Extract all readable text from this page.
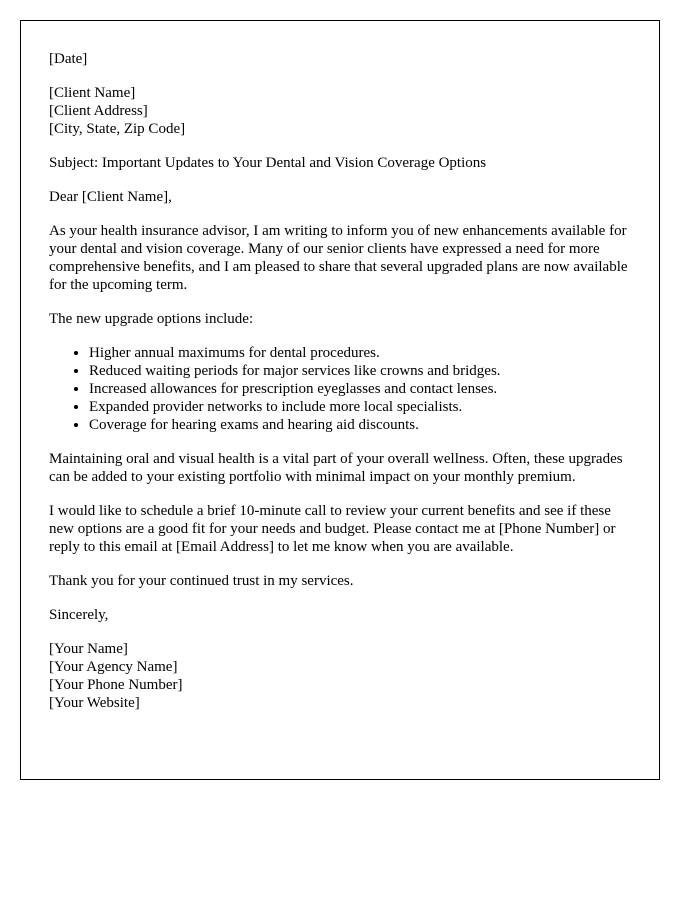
[Date]
[Client Name]
[Client Address]
[City, State, Zip Code]

Subject: Important Updates to Your Dental and Vision Coverage Options

Dear [Client Name],

As your health insurance advisor, I am writing to inform you of new enhancements available for your dental and vision coverage. Many of our senior clients have expressed a need for more comprehensive benefits, and I am pleased to share that several upgraded plans are now available for the upcoming term.

The new upgrade options include:

• Higher annual maximums for dental procedures.
• Reduced waiting periods for major services like crowns and bridges.
• Increased allowances for prescription eyeglasses and contact lenses.
• Expanded provider networks to include more local specialists.
• Coverage for hearing exams and hearing aid discounts.

Maintaining oral and visual health is a vital part of your overall wellness. Often, these upgrades can be added to your existing portfolio with minimal impact on your monthly premium.

I would like to schedule a brief 10-minute call to review your current benefits and see if these new options are a good fit for your needs and budget. Please contact me at [Phone Number] or reply to this email at [Email Address] to let me know when you are available.

Thank you for your continued trust in my services.

Sincerely,

[Your Name]
[Your Agency Name]
[Your Phone Number]
[Your Website]
